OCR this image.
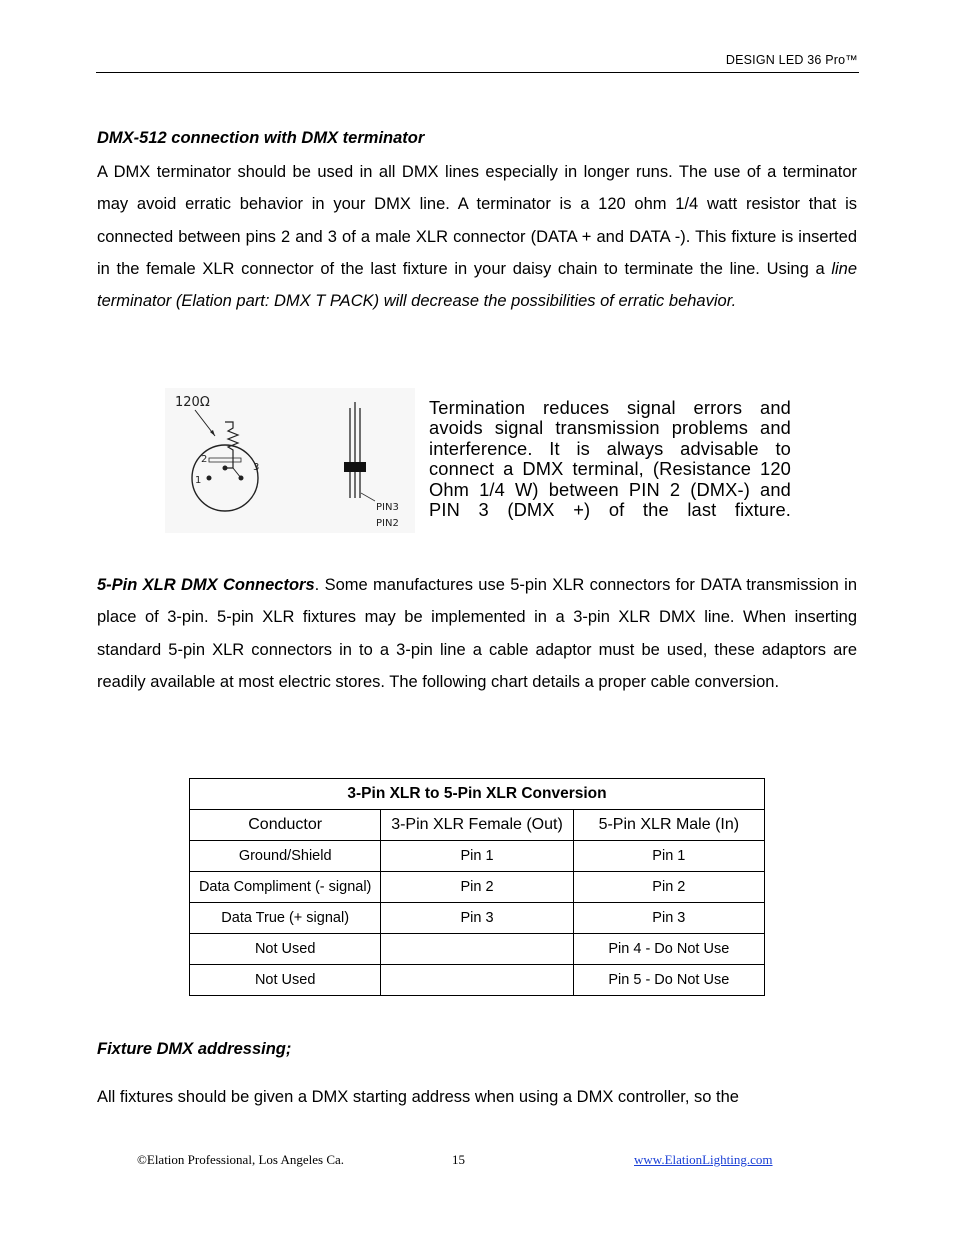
DESIGN LED 36 Pro™
DMX-512 connection with DMX terminator
A DMX terminator should be used in all DMX lines especially in longer runs. The use of a terminator may avoid erratic behavior in your DMX line. A terminator is a 120 ohm 1/4 watt resistor that is connected between pins 2 and 3 of a male XLR connector (DATA + and DATA -). This fixture is inserted in the female XLR connector of the last fixture in your daisy chain to terminate the line. Using a line terminator (Elation part: DMX T PACK) will decrease the possibilities of erratic behavior.
120Ω
1
2
3
PIN3
PIN2
Termination reduces signal errors and avoids signal transmission problems and interference. It is always advisable to connect a DMX terminal, (Resistance 120 Ohm 1/4 W) between PIN 2 (DMX-) and PIN 3 (DMX +) of the last fixture.
5-Pin XLR DMX Connectors. Some manufactures use 5-pin XLR connectors for DATA transmission in place of 3-pin. 5-pin XLR fixtures may be implemented in a 3-pin XLR DMX line. When inserting standard 5-pin XLR connectors in to a 3-pin line a cable adaptor must be used, these adaptors are readily available at most electric stores. The following chart details a proper cable conversion.
3-Pin XLR to 5-Pin XLR Conversion		
Conductor	3-Pin XLR Female (Out)	5-Pin XLR Male (In)
Ground/Shield	Pin 1	Pin 1
Data Compliment (- signal)	Pin 2	Pin 2
Data True (+ signal)	Pin 3	Pin 3
Not Used		Pin 4 - Do Not Use
Not Used		Pin 5 - Do Not Use
Fixture DMX addressing;
All fixtures should be given a DMX starting address when using a DMX controller, so the
©Elation Professional, Los Angeles Ca.	15	www.ElationLighting.com
